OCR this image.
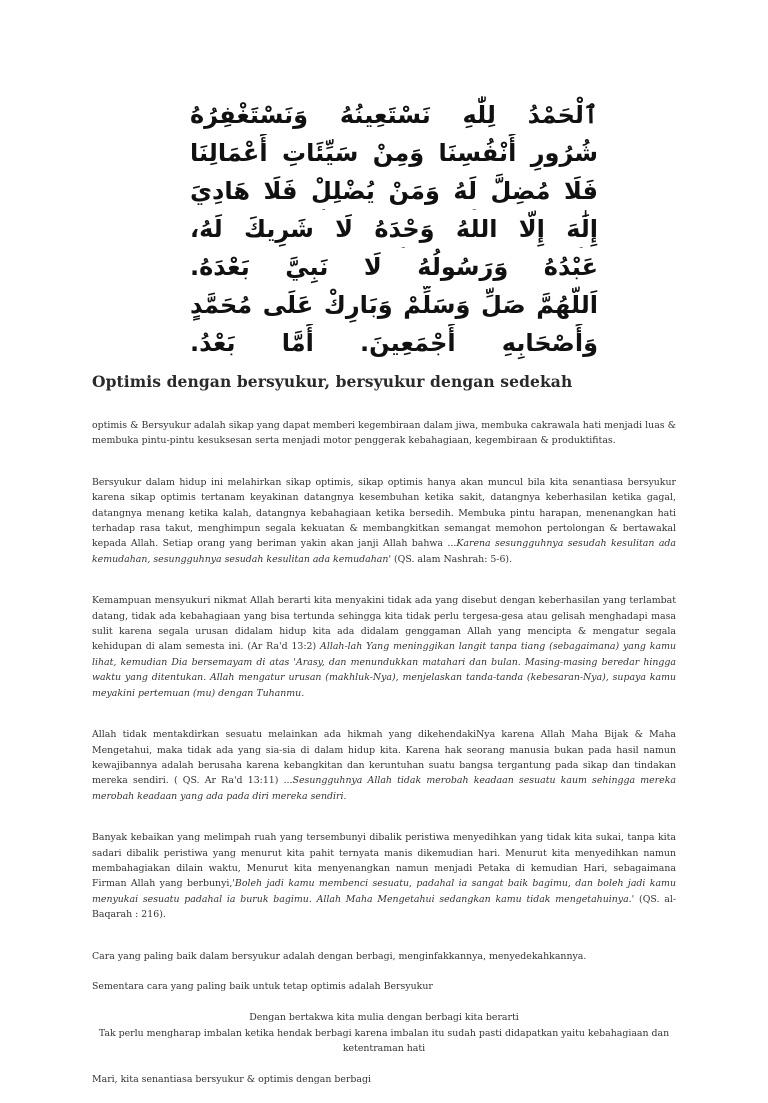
ٱلْحَمْدُ لِلَّٰهِ نَسْتَعِينُهُ وَنَسْتَغْفِرُهُ
شُرُورِ أَنْفُسِنَا وَمِنْ سَيِّئَاتِ أَعْمَالِنَا
فَلَا مُضِلَّ لَهُ وَمَنْ يُضْلِلْ فَلَا هَادِيَ
إِلَٰهَ إِلَّا اللهُ وَحْدَهُ لَا شَرِيكَ لَهُ،
عَبْدُهُ وَرَسُولُهُ لَا نَبِيَّ بَعْدَهُ.
اَللَّهُمَّ صَلِّ وَسَلِّمْ وَبَارِكْ عَلَى مُحَمَّدٍ
وَأَصْحَابِهِ أَجْمَعِينَ. أَمَّا بَعْدُ.
Optimis dengan bersyukur, bersyukur dengan sedekah

optimis & Bersyukur adalah sikap yang dapat memberi kegembiraan dalam jiwa, membuka cakrawala hati menjadi luas & membuka pintu-pintu kesuksesan serta menjadi motor penggerak kebahagiaan, kegembiraan & produktifitas.

Bersyukur dalam hidup ini melahirkan sikap optimis, sikap optimis hanya akan muncul bila kita senantiasa bersyukur karena sikap optimis tertanam keyakinan datangnya kesembuhan ketika sakit, datangnya keberhasilan ketika gagal, datangnya menang ketika kalah, datangnya kebahagiaan ketika bersedih. Membuka pintu harapan, menenangkan hati terhadap rasa takut, menghimpun segala kekuatan & membangkitkan semangat memohon pertolongan & bertawakal kepada Allah. Setiap orang yang beriman yakin akan janji Allah bahwa ...Karena sesungguhnya sesudah kesulitan ada kemudahan, sesungguhnya sesudah kesulitan ada kemudahan' (QS. alam Nashrah: 5-6).

Kemampuan mensyukuri nikmat Allah berarti kita menyakini tidak ada yang disebut dengan keberhasilan yang terlambat datang, tidak ada kebahagiaan yang bisa tertunda sehingga kita tidak perlu tergesa-gesa atau gelisah menghadapi masa sulit karena segala urusan didalam hidup kita ada didalam genggaman Allah yang mencipta & mengatur segala kehidupan di alam semesta ini. (Ar Ra'd 13:2) Allah-lah Yang meninggikan langit tanpa tiang (sebagaimana) yang kamu lihat, kemudian Dia bersemayam di atas 'Arasy, dan menundukkan matahari dan bulan. Masing-masing beredar hingga waktu yang ditentukan. Allah mengatur urusan (makhluk-Nya), menjelaskan tanda-tanda (kebesaran-Nya), supaya kamu meyakini pertemuan (mu) dengan Tuhanmu.

Allah tidak mentakdirkan sesuatu melainkan ada hikmah yang dikehendakiNya karena Allah Maha Bijak & Maha Mengetahui, maka tidak ada yang sia-sia di dalam hidup kita. Karena hak seorang manusia bukan pada hasil namun kewajibannya adalah berusaha karena kebangkitan dan keruntuhan suatu bangsa tergantung pada sikap dan tindakan mereka sendiri. ( QS. Ar Ra'd 13:11) ...Sesungguhnya Allah tidak merobah keadaan sesuatu kaum sehingga mereka merobah keadaan yang ada pada diri mereka sendiri.

Banyak kebaikan yang melimpah ruah yang tersembunyi dibalik peristiwa menyedihkan yang tidak kita sukai, tanpa kita sadari dibalik peristiwa yang menurut kita pahit ternyata manis dikemudian hari. Menurut kita menyedihkan namun membahagiakan dilain waktu, Menurut kita menyenangkan namun menjadi Petaka di kemudian Hari, sebagaimana Firman Allah yang berbunyi,'Boleh jadi kamu membenci sesuatu, padahal ia sangat baik bagimu, dan boleh jadi kamu menyukai sesuatu padahal ia buruk bagimu. Allah Maha Mengetahui sedangkan kamu tidak mengetahuinya.' (QS. al-Baqarah : 216).

Cara yang paling baik dalam bersyukur adalah dengan berbagi, menginfakkannya, menyedekahkannya.

Sementara cara yang paling baik untuk tetap optimis adalah Bersyukur

Dengan bertakwa kita mulia dengan berbagi kita berarti
Tak perlu mengharap imbalan ketika hendak berbagi karena imbalan itu sudah pasti didapatkan yaitu kebahagiaan dan ketentraman hati

Mari, kita senantiasa bersyukur & optimis dengan berbagi
